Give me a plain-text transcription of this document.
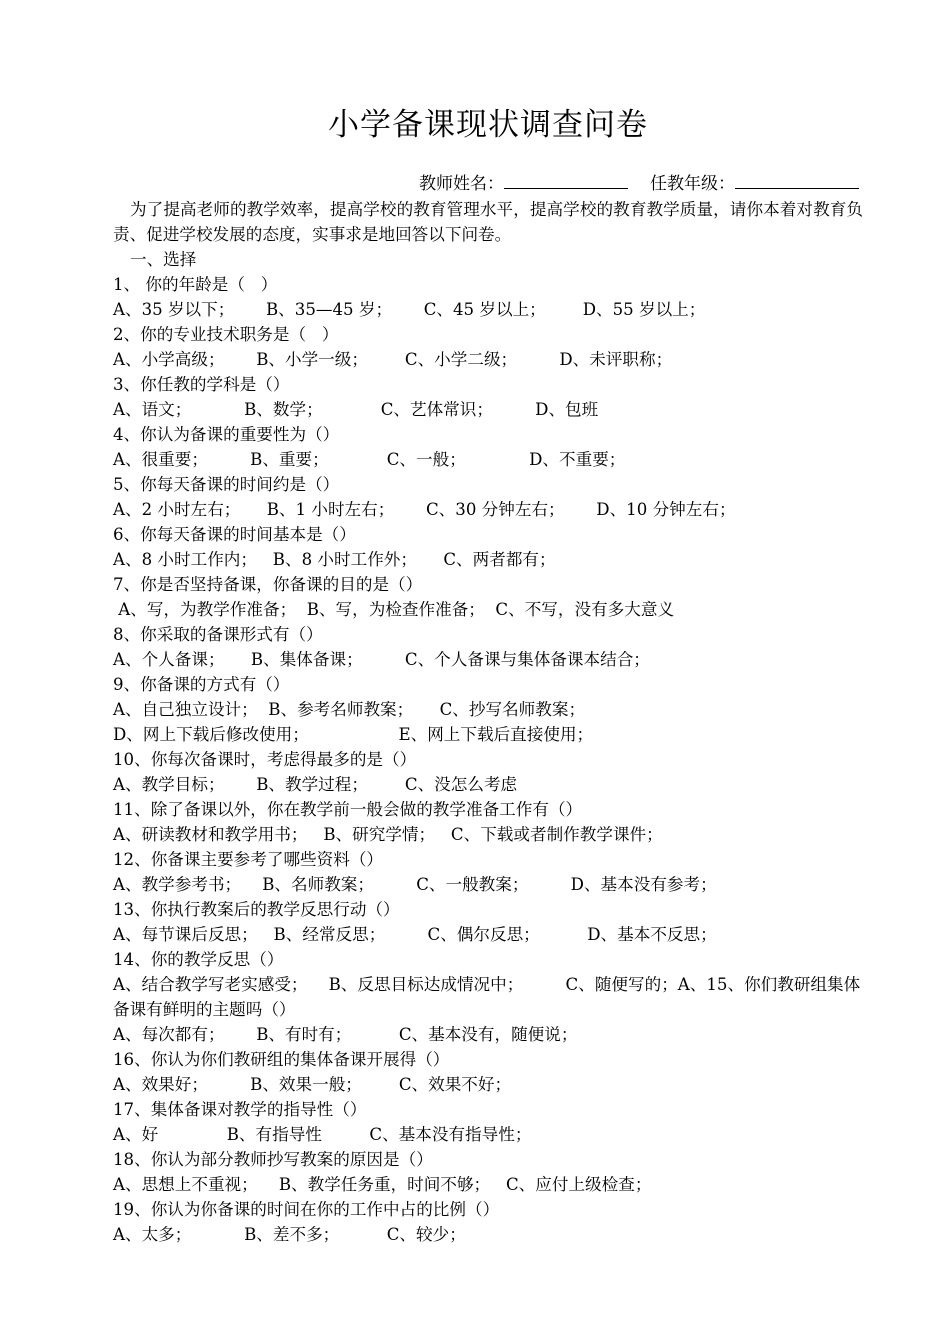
小学备课现状调查问卷
教师姓名：	任教年级：

为了提高老师的教学效率，提高学校的教育管理水平，提高学校的教育教学质量，请你本着对教育负责、促进学校发展的态度，实事求是地回答以下问卷。

一、选择
1、 你的年龄是（   ）
A、35 岁以下；      B、35—45 岁；      C、45 岁以上；       D、55 岁以上；
2、你的专业技术职务是（   ）
A、小学高级；      B、小学一级；       C、小学二级；        D、未评职称；
3、你任教的学科是（）
A、语文；          B、数学；           C、艺体常识；        D、包班
4、你认为备课的重要性为（）
A、很重要；        B、重要；           C、一般；            D、不重要；
5、你每天备课的时间约是（）
A、2 小时左右；     B、1 小时左右；      C、30 分钟左右；      D、10 分钟左右；
6、你每天备课的时间基本是（）
A、8 小时工作内；   B、8 小时工作外；     C、两者都有；
7、你是否坚持备课，你备课的目的是（）
A、写，为教学作准备；  B、写，为检查作准备；  C、不写，没有多大意义
8、你采取的备课形式有（）
A、个人备课；     B、集体备课；        C、个人备课与集体备课本结合；
9、你备课的方式有（）
A、自己独立设计；  B、参考名师教案；     C、抄写名师教案；
D、网上下载后修改使用；                 E、网上下载后直接使用；
10、你每次备课时，考虑得最多的是（）
A、教学目标；      B、教学过程；       C、没怎么考虑
11、除了备课以外，你在教学前一般会做的教学准备工作有（）
A、研读教材和教学用书；   B、研究学情；   C、下载或者制作教学课件；
12、你备课主要参考了哪些资料（）
A、教学参考书；    B、名师教案；        C、一般教案；        D、基本没有参考；
13、你执行教案后的教学反思行动（）
A、每节课后反思；   B、经常反思；        C、偶尔反思；         D、基本不反思；
14、你的教学反思（）
A、结合教学写老实感受；    B、反思目标达成情况中；        C、随便写的；A、15、你们教研组集体备课有鲜明的主题吗（）
A、每次都有；      B、有时有；         C、基本没有，随便说；
16、你认为你们教研组的集体备课开展得（）
A、效果好；        B、效果一般；       C、效果不好；
17、集体备课对教学的指导性（）
A、好             B、有指导性         C、基本没有指导性；
18、你认为部分教师抄写教案的原因是（）
A、思想上不重视；    B、教学任务重，时间不够；   C、应付上级检查；
19、你认为你备课的时间在你的工作中占的比例（）
A、太多；          B、差不多；         C、较少；
